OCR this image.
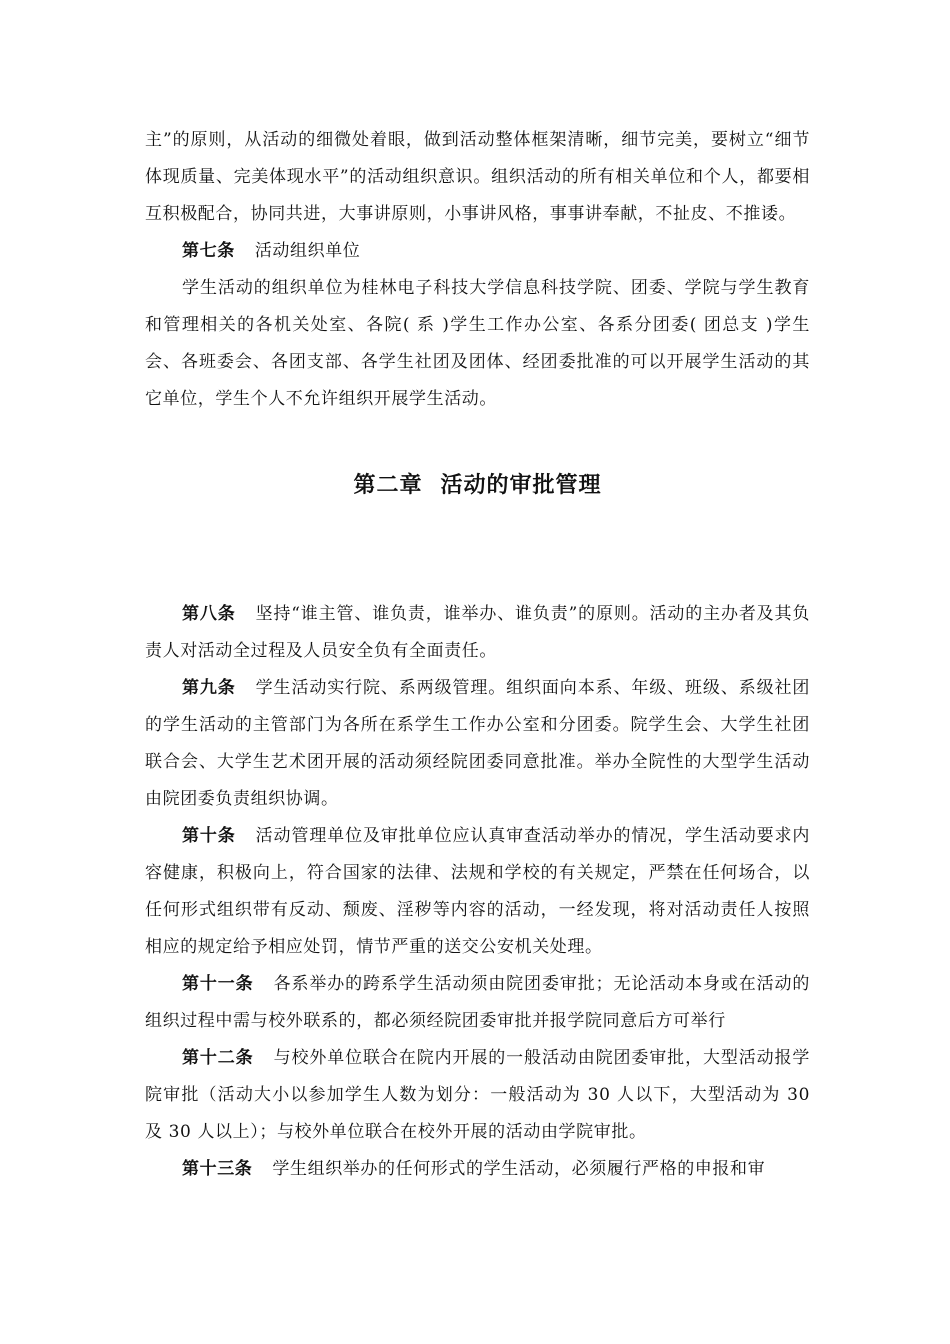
主”的原则，从活动的细微处着眼，做到活动整体框架清晰，细节完美，要树立“细节体现质量、完美体现水平”的活动组织意识。组织活动的所有相关单位和个人，都要相互积极配合，协同共进，大事讲原则，小事讲风格，事事讲奉献，不扯皮、不推诿。

第七条 活动组织单位

学生活动的组织单位为桂林电子科技大学信息科技学院、团委、学院与学生教育和管理相关的各机关处室、各院( 系 )学生工作办公室、各系分团委( 团总支 )学生会、各班委会、各团支部、各学生社团及团体、经团委批准的可以开展学生活动的其它单位，学生个人不允许组织开展学生活动。

第二章 活动的审批管理

第八条 坚持“谁主管、谁负责，谁举办、谁负责”的原则。活动的主办者及其负责人对活动全过程及人员安全负有全面责任。

第九条 学生活动实行院、系两级管理。组织面向本系、年级、班级、系级社团的学生活动的主管部门为各所在系学生工作办公室和分团委。院学生会、大学生社团联合会、大学生艺术团开展的活动须经院团委同意批准。举办全院性的大型学生活动由院团委负责组织协调。

第十条 活动管理单位及审批单位应认真审查活动举办的情况，学生活动要求内容健康，积极向上，符合国家的法律、法规和学校的有关规定，严禁在任何场合，以任何形式组织带有反动、颓废、淫秽等内容的活动，一经发现，将对活动责任人按照相应的规定给予相应处罚，情节严重的送交公安机关处理。

第十一条 各系举办的跨系学生活动须由院团委审批；无论活动本身或在活动的组织过程中需与校外联系的，都必须经院团委审批并报学院同意后方可举行

第十二条 与校外单位联合在院内开展的一般活动由院团委审批，大型活动报学院审批（活动大小以参加学生人数为划分：一般活动为 30 人以下，大型活动为 30 及 30 人以上）；与校外单位联合在校外开展的活动由学院审批。

第十三条 学生组织举办的任何形式的学生活动，必须履行严格的申报和审
